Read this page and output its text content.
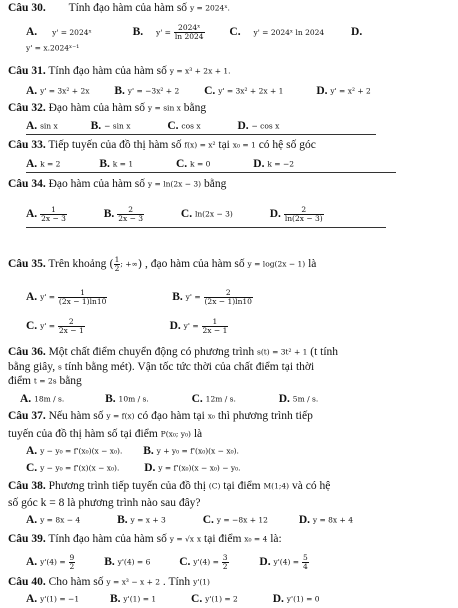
Câu 30. Tính đạo hàm của hàm số y = 2024ˣ.
A. y' = 2024ˣ	B. $y' = \frac{\text{2024ˣ}}{\ln 2024} C$. y' = 2024ˣ ln 2024 D.
y' = x.2024ˣ⁻¹
Câu 31. Tính đạo hàm của hàm số y = x³ + 2x + 1.
A. y' = 3x² + 2x B. y' = −3x² + 2 C. y' = 3x² + 2x + 1	D. y' = x² + 2
Câu 32. Đạo hàm của hàm số y = sin x bằng
A. sin x	B. − sin x	C. cos x	D. − cos x
Câu 33. Tiếp tuyến của đồ thị hàm số f(x) = x² tại x₀ = 1 có hệ số góc
A. k = 2	B. k = 1	C. k = 0	D. k = −2
Câu 34. Đạo hàm của hàm số y = ln(2x − 3) bằng
A. $\frac{1}{2x - 3}$	B. $\frac{2}{2x - 3}$	C. ln(2x − 3)	D. $\frac{2}{\ln(2x - 3)}$
Câu 35. Trên khoảng ( $\frac{1}{2}$ ; +∞) , đạo hàm của hàm số y = log(2x − 1) là
A. $y' = \frac{1}{(2x - 1)\ln 10}$	B. $y' = \frac{2}{(2x - 1)\ln 10}$
C. $y' = \frac{2}{2x - 1}$	D. $y' = \frac{1}{2x - 1}$
Câu 36. Một chất điểm chuyển động có phương trình s(t) = 3t² + 1 (t tính
bằng giây, s tính bằng mét). Vận tốc tức thời của chất điểm tại thời
điểm t = 2s bằng
A. 18m / s.	B. 10m / s.	C. 12m / s.	D. 5m / s.
Câu 37. Nếu hàm số y = f(x) có đạo hàm tại x₀ thì phương trình tiếp
tuyến của đồ thị hàm số tại điểm P(x₀; y₀) là
A. y − y₀ = f'(x₀)(x − x₀). B. y + y₀ = f'(x₀)(x − x₀).
C. y − y₀ = f'(x)(x − x₀). D. y = f'(x₀)(x − x₀) − y₀.
Câu 38. Phương trình tiếp tuyến của đồ thị (C) tại điểm M(1;4) và có hệ
số góc k = 8 là phương trình nào sau đây?
A. y = 8x − 4	B. y = x + 3	C. y = −8x + 12	D. y = 8x + 4
Câu 39. Tính đạo hàm của hàm số y = √x x tại điểm x₀ = 4 là:
A. $y'(4) = \frac{9}{2}$	B. y'(4) = 6	C. $y'(4) = \frac{3}{2}$	D. $y'(4) = \frac{5}{4}$
Câu 40. Cho hàm số y = x³ − x + 2 . Tính y'(1)
A. y'(1) = −1	B. y'(1) = 1	C. y'(1) = 2	D. y'(1) = 0
